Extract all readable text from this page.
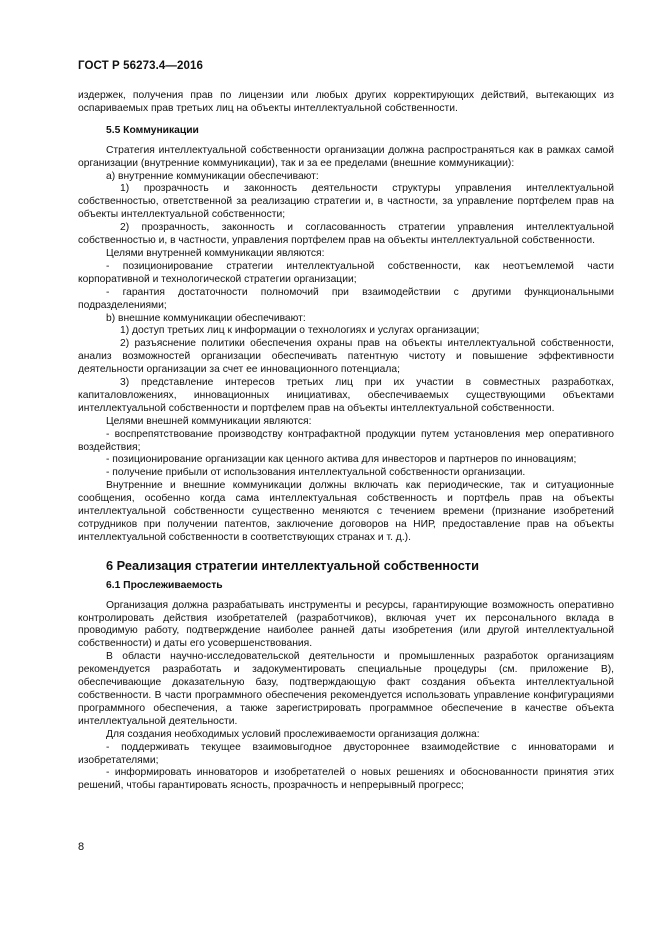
ГОСТ Р 56273.4—2016

издержек, получения прав по лицензии или любых других корректирующих действий, вытекающих из оспариваемых прав третьих лиц на объекты интеллектуальной собственности.

5.5 Коммуникации

Стратегия интеллектуальной собственности организации должна распространяться как в рамках самой организации (внутренние коммуникации), так и за ее пределами (внешние коммуникации):

а) внутренние коммуникации обеспечивают:

1) прозрачность и законность деятельности структуры управления интеллектуальной собственностью, ответственной за реализацию стратегии и, в частности, за управление портфелем прав на объекты интеллектуальной собственности;

2) прозрачность, законность и согласованность стратегии управления интеллектуальной собственностью и, в частности, управления портфелем прав на объекты интеллектуальной собственности.

Целями внутренней коммуникации являются:

- позиционирование стратегии интеллектуальной собственности, как неотъемлемой части корпоративной и технологической стратегии организации;

- гарантия достаточности полномочий при взаимодействии с другими функциональными подразделениями;

b) внешние коммуникации обеспечивают:

1) доступ третьих лиц к информации о технологиях и услугах организации;

2) разъяснение политики обеспечения охраны прав на объекты интеллектуальной собственности, анализ возможностей организации обеспечивать патентную чистоту и повышение эффективности деятельности организации за счет ее инновационного потенциала;

3) представление интересов третьих лиц при их участии в совместных разработках, капиталовложениях, инновационных инициативах, обеспечиваемых существующими объектами интеллектуальной собственности и портфелем прав на объекты интеллектуальной собственности.

Целями внешней коммуникации являются:

- воспрепятствование производству контрафактной продукции путем установления мер оперативного воздействия;

- позиционирование организации как ценного актива для инвесторов и партнеров по инновациям;

- получение прибыли от использования интеллектуальной собственности организации.

Внутренние и внешние коммуникации должны включать как периодические, так и ситуационные сообщения, особенно когда сама интеллектуальная собственность и портфель прав на объекты интеллектуальной собственности существенно меняются с течением времени (признание изобретений сотрудников при получении патентов, заключение договоров на НИР, предоставление прав на объекты интеллектуальной собственности в соответствующих странах и т. д.).

6 Реализация стратегии интеллектуальной собственности

6.1 Прослеживаемость

Организация должна разрабатывать инструменты и ресурсы, гарантирующие возможность оперативно контролировать действия изобретателей (разработчиков), включая учет их персонального вклада в проводимую работу, подтверждение наиболее ранней даты изобретения (или другой интеллектуальной собственности) и даты его усовершенствования.

В области научно-исследовательской деятельности и промышленных разработок организациям рекомендуется разработать и задокументировать специальные процедуры (см. приложение В), обеспечивающие доказательную базу, подтверждающую факт создания объекта интеллектуальной собственности. В части программного обеспечения рекомендуется использовать управление конфигурациями программного обеспечения, а также зарегистрировать программное обеспечение в качестве объекта интеллектуальной деятельности.

Для создания необходимых условий прослеживаемости организация должна:

- поддерживать текущее взаимовыгодное двустороннее взаимодействие с инноваторами и изобретателями;

- информировать инноваторов и изобретателей о новых решениях и обоснованности принятия этих решений, чтобы гарантировать ясность, прозрачность и непрерывный прогресс;

8
